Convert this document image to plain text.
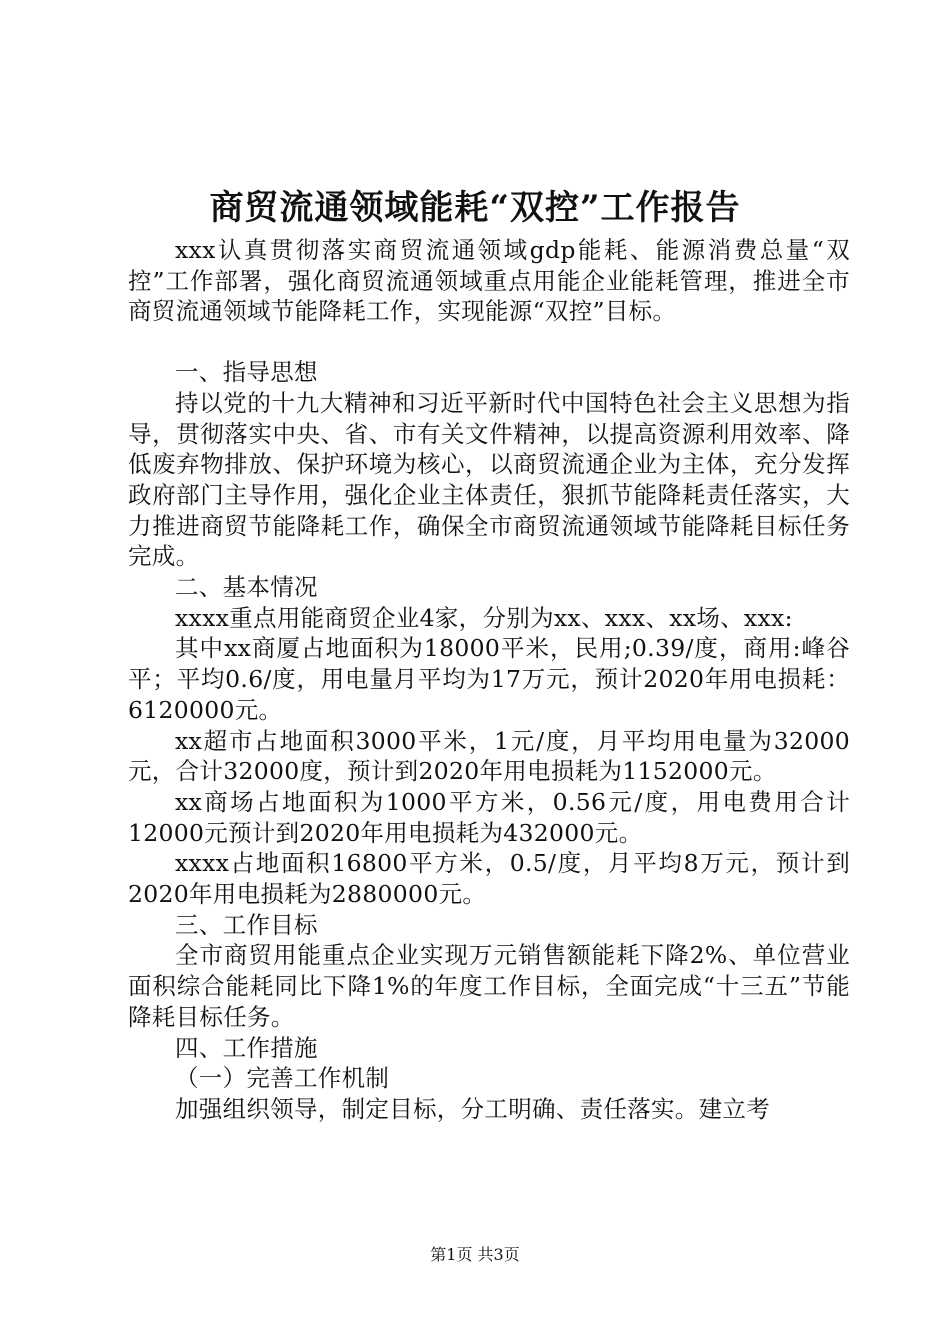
商贸流通领域能耗“双控”工作报告

xxx认真贯彻落实商贸流通领域gdp能耗、能源消费总量“双控”工作部署，强化商贸流通领域重点用能企业能耗管理，推进全市商贸流通领域节能降耗工作，实现能源“双控”目标。

一、指导思想

持以党的十九大精神和习近平新时代中国特色社会主义思想为指导，贯彻落实中央、省、市有关文件精神，以提高资源利用效率、降低废弃物排放、保护环境为核心，以商贸流通企业为主体，充分发挥政府部门主导作用，强化企业主体责任，狠抓节能降耗责任落实，大力推进商贸节能降耗工作，确保全市商贸流通领域节能降耗目标任务完成。

二、基本情况

xxxx重点用能商贸企业4家，分别为xx、xxx、xx场、xxx:

其中xx商厦占地面积为18000平米，民用;0.39/度，商用:峰谷平；平均0.6/度，用电量月平均为17万元，预计2020年用电损耗：6120000元。

xx超市占地面积3000平米，1元/度，月平均用电量为32000元，合计32000度，预计到2020年用电损耗为1152000元。

xx商场占地面积为1000平方米，0.56元/度，用电费用合计12000元预计到2020年用电损耗为432000元。

xxxx占地面积16800平方米，0.5/度，月平均8万元，预计到2020年用电损耗为2880000元。

三、工作目标

全市商贸用能重点企业实现万元销售额能耗下降2%、单位营业面积综合能耗同比下降1%的年度工作目标，全面完成“十三五”节能降耗目标任务。

四、工作措施

（一）完善工作机制

加强组织领导，制定目标，分工明确、责任落实。建立考

第1页 共3页
